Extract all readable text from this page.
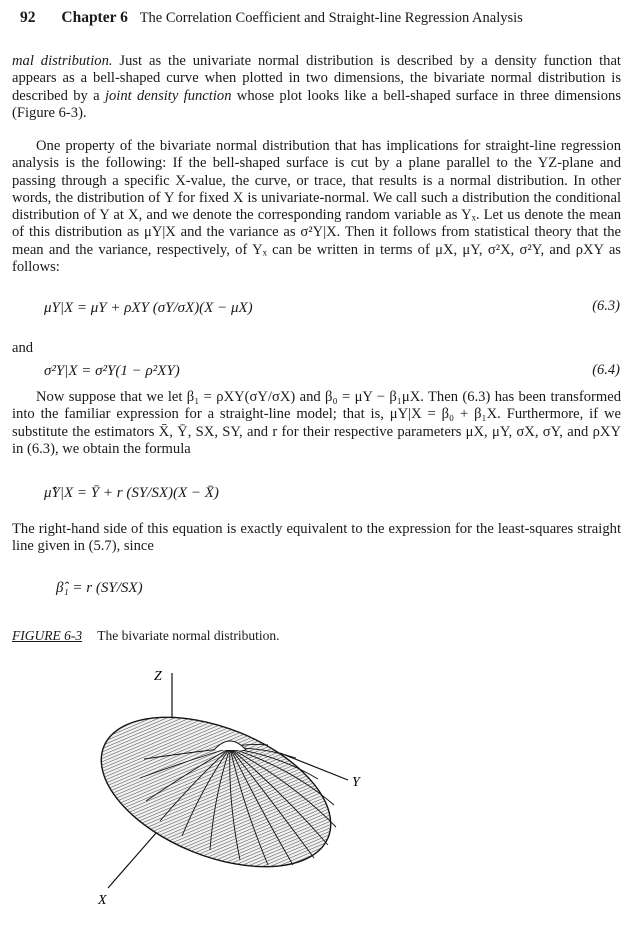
92 Chapter 6 The Correlation Coefficient and Straight-line Regression Analysis

mal distribution. Just as the univariate normal distribution is described by a density function that appears as a bell-shaped curve when plotted in two dimensions, the bivariate normal distribution is described by a joint density function whose plot looks like a bell-shaped surface in three dimensions (Figure 6-3).

One property of the bivariate normal distribution that has implications for straight-line regression analysis is the following: If the bell-shaped surface is cut by a plane parallel to the YZ-plane and passing through a specific X-value, the curve, or trace, that results is a normal distribution. In other words, the distribution of Y for fixed X is univariate-normal. We call such a distribution the conditional distribution of Y at X, and we denote the corresponding random variable as Yₓ. Let us denote the mean of this distribution as μY|X and the variance as σ²Y|X. Then it follows from statistical theory that the mean and the variance, respectively, of Yₓ can be written in terms of μX, μY, σ²X, σ²Y, and ρXY as follows:

μY|X = μY + ρXY (σY/σX)(X − μX)	(6.3)
and
σ²Y|X = σ²Y(1 − ρ²XY)	(6.4)

Now suppose that we let β₁ = ρXY(σY/σX) and β₀ = μY − β₁μX. Then (6.3) has been transformed into the familiar expression for a straight-line model; that is, μY|X = β₀ + β₁X. Furthermore, if we substitute the estimators X̄, Ȳ, SX, SY, and r for their respective parameters μX, μY, σX, σY, and ρXY in (6.3), we obtain the formula

μ̂Y|X = Ȳ + r (SY/SX)(X − X̄)

The right-hand side of this equation is exactly equivalent to the expression for the least-squares straight line given in (5.7), since

β̂₁ = r (SY/SX)
FIGURE 6-3 The bivariate normal distribution.
Z
Y
X
